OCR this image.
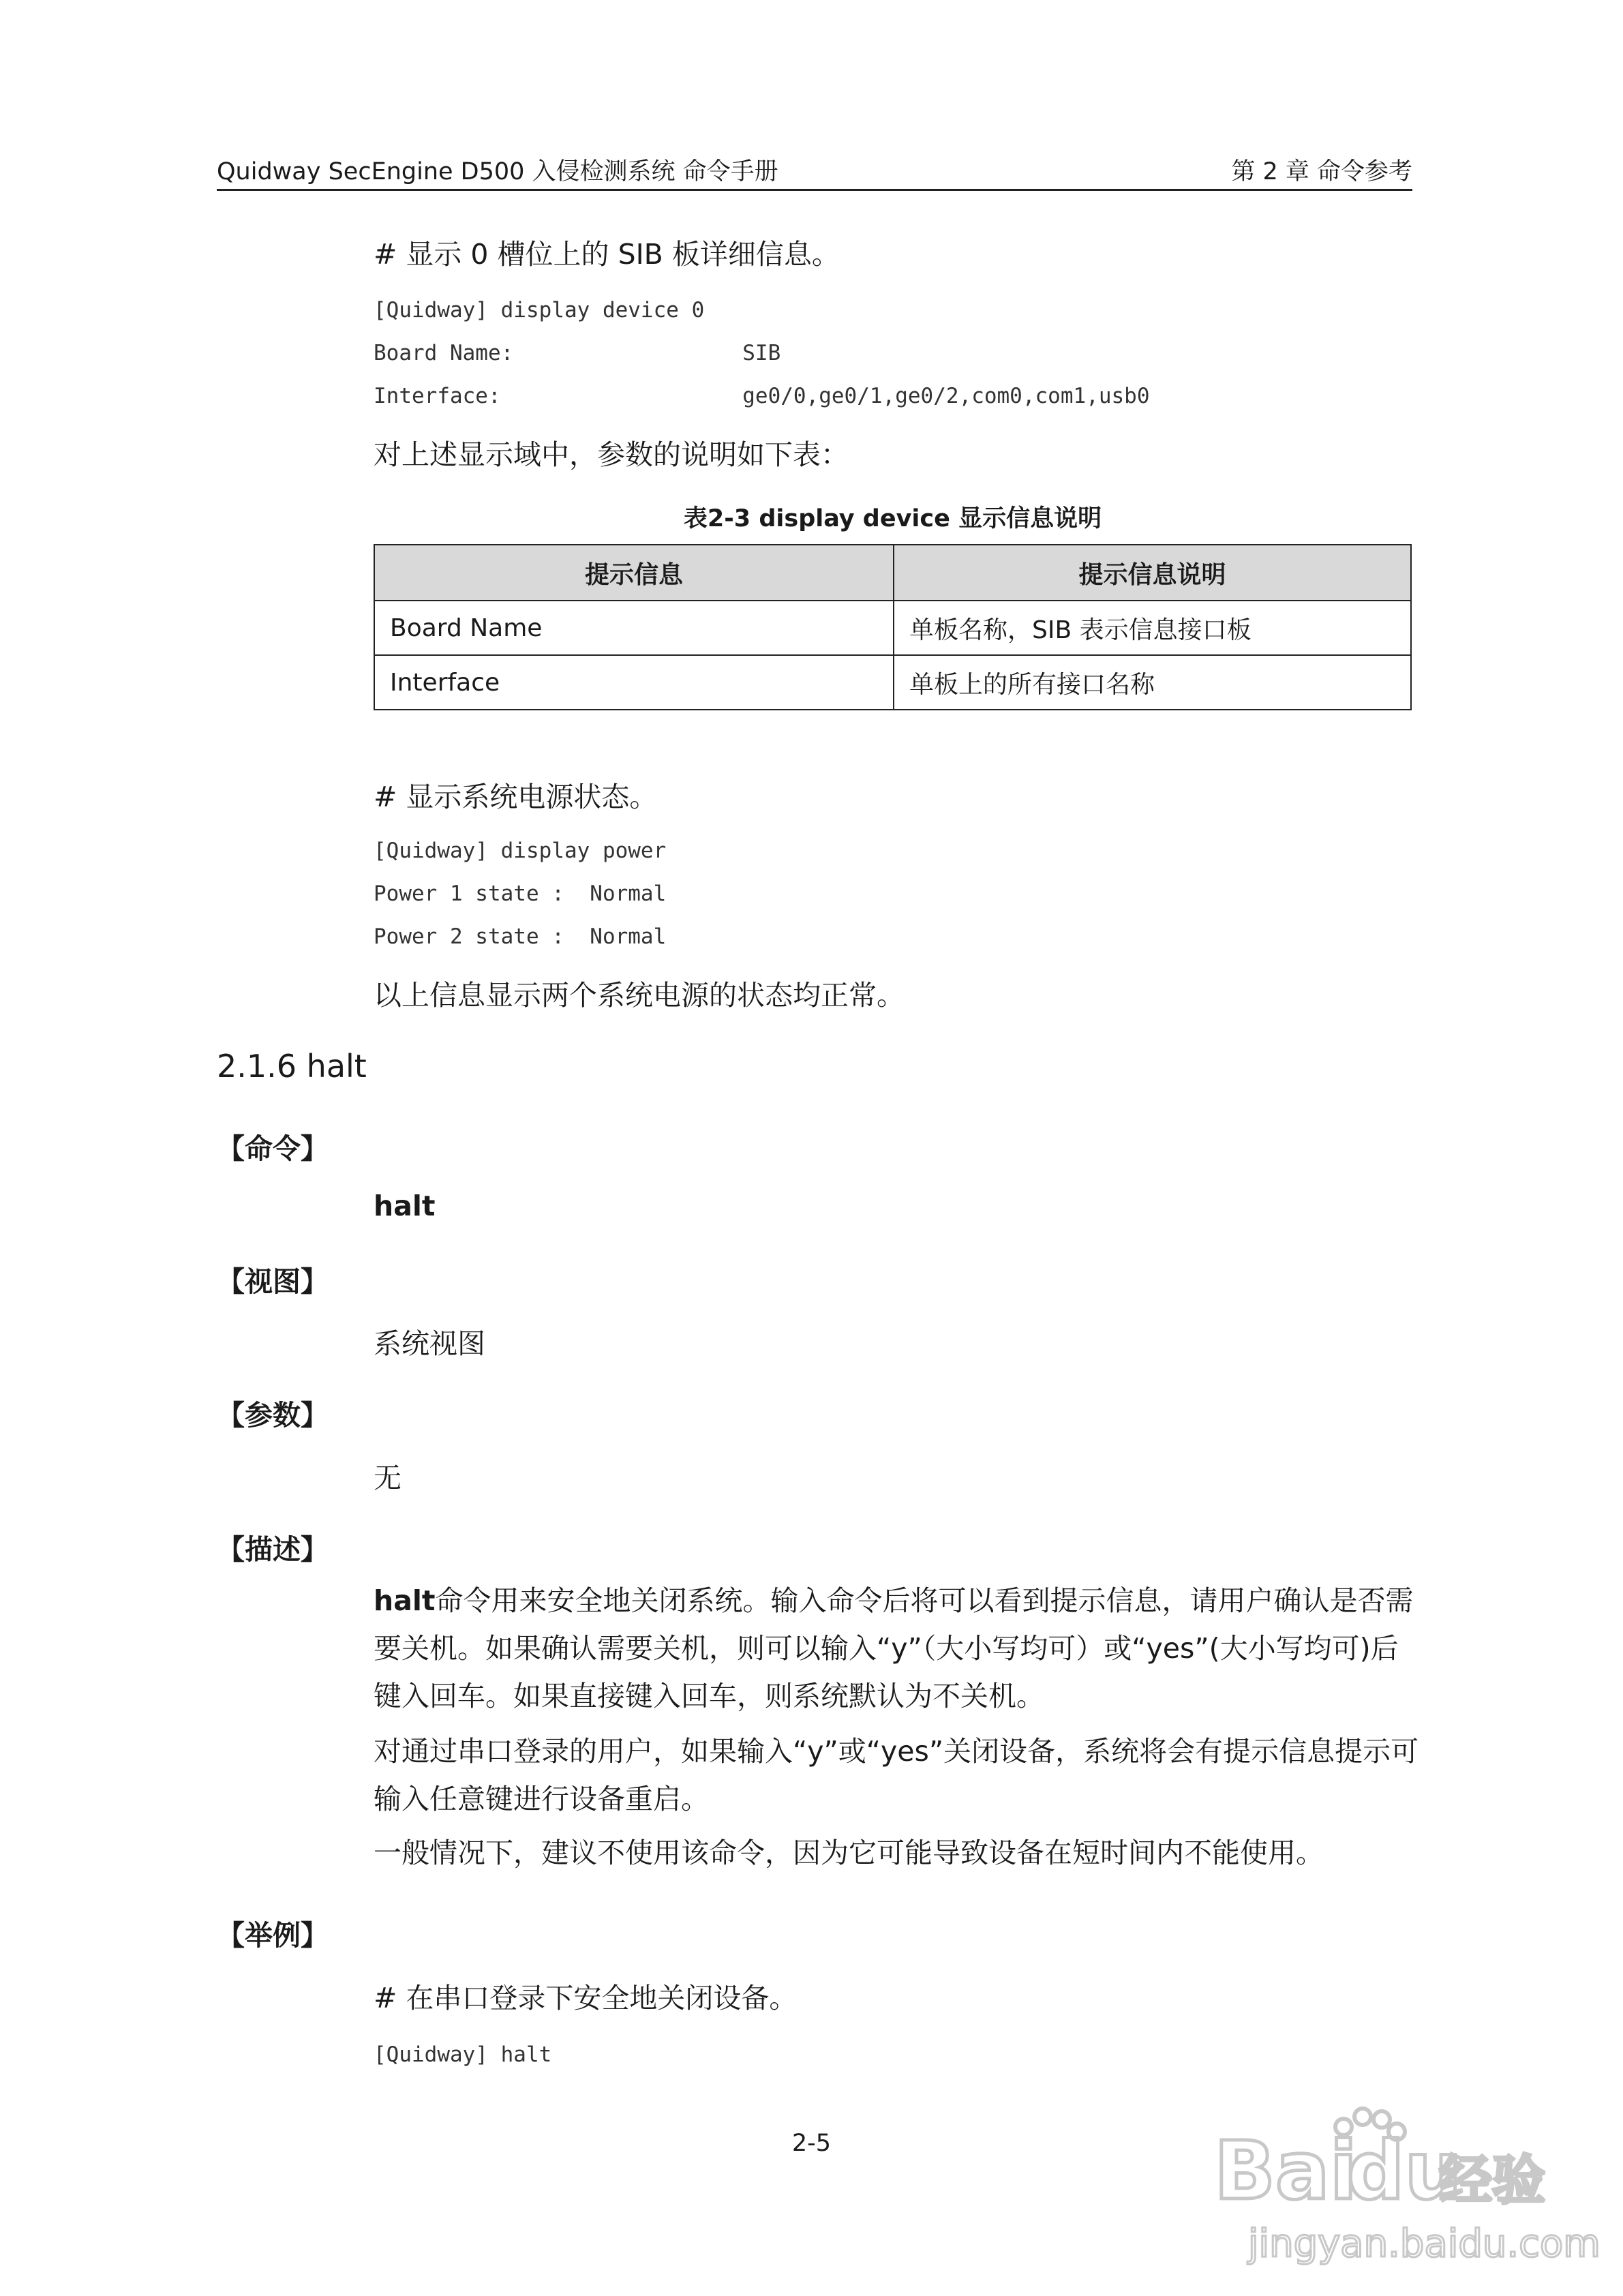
Quidway SecEngine D500 入侵检测系统 命令手册	第 2 章 命令参考
# 显示 0 槽位上的 SIB 板详细信息。
[Quidway] display device 0
Board Name:                  SIB
Interface:                   ge0/0,ge0/1,ge0/2,com0,com1,usb0
对上述显示域中，参数的说明如下表：
表2-3 display device 显示信息说明
提示信息	提示信息说明
Board Name	单板名称，SIB 表示信息接口板
Interface	单板上的所有接口名称
# 显示系统电源状态。
[Quidway] display power
Power 1 state :  Normal
Power 2 state :  Normal
以上信息显示两个系统电源的状态均正常。
2.1.6 halt
【命令】
halt
【视图】
系统视图
【参数】
无
【描述】
halt命令用来安全地关闭系统。输入命令后将可以看到提示信息，请用户确认是否需要关机。如果确认需要关机，则可以输入“y”（大小写均可）或“yes”(大小写均可)后键入回车。如果直接键入回车，则系统默认为不关机。
对通过串口登录的用户，如果输入“y”或“yes”关闭设备，系统将会有提示信息提示可输入任意键进行设备重启。
一般情况下，建议不使用该命令，因为它可能导致设备在短时间内不能使用。
【举例】
# 在串口登录下安全地关闭设备。
[Quidway] halt
2-5	Bai
du
经验
jingyan.baidu.com
